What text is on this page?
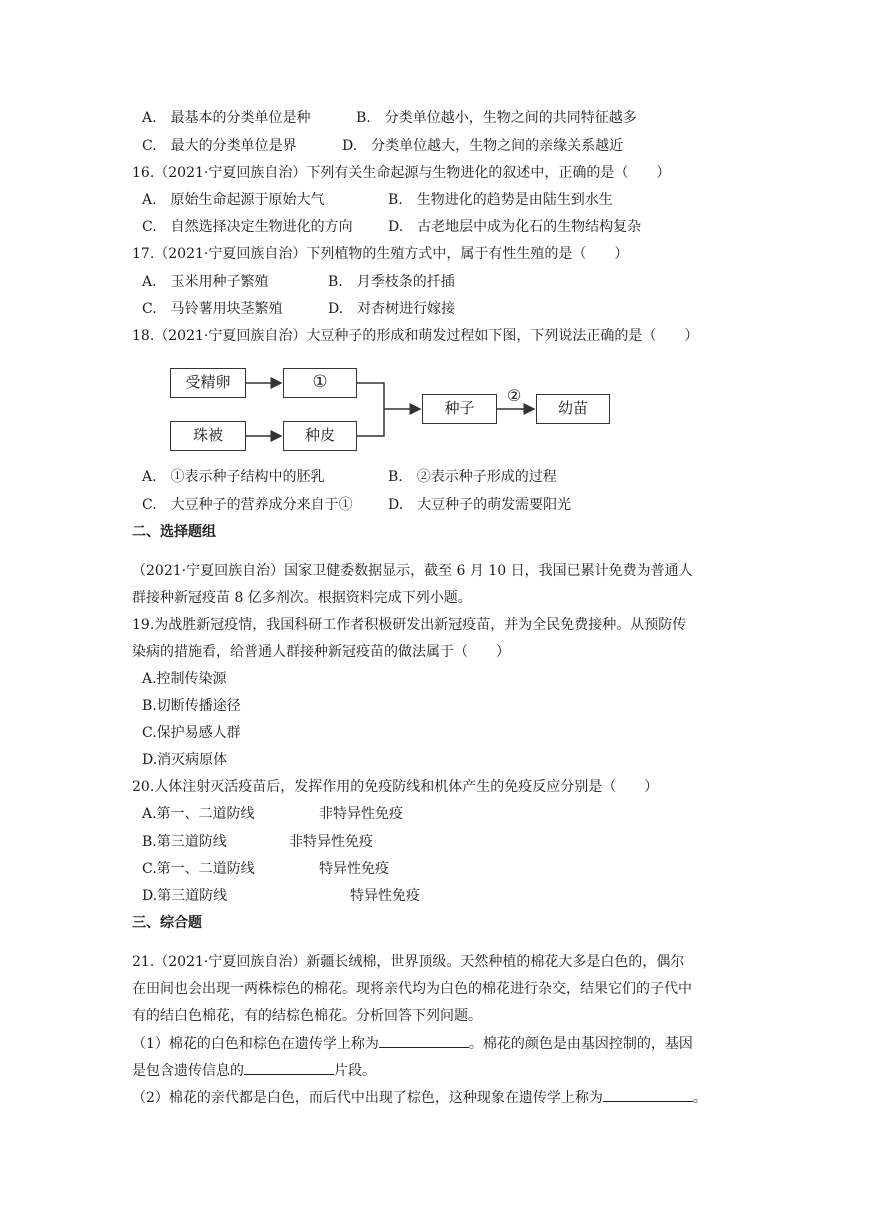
A.　最基本的分类单位是种	B.　分类单位越小，生物之间的共同特征越多
C.　最大的分类单位是界	D.　分类单位越大，生物之间的亲缘关系越近
16.（2021·宁夏回族自治）下列有关生命起源与生物进化的叙述中，正确的是（　　）
A.　原始生命起源于原始大气	B.　生物进化的趋势是由陆生到水生
C.　自然选择决定生物进化的方向	D.　古老地层中成为化石的生物结构复杂
17.（2021·宁夏回族自治）下列植物的生殖方式中，属于有性生殖的是（　　）
A.　玉米用种子繁殖	B.　月季枝条的扦插
C.　马铃薯用块茎繁殖	D.　对杏树进行嫁接
18.（2021·宁夏回族自治）大豆种子的形成和萌发过程如下图，下列说法正确的是（　　）
受精卵	①
珠被	种皮
种子
②
幼苗
A.　①表示种子结构中的胚乳	B.　②表示种子形成的过程
C.　大豆种子的营养成分来自于①	D.　大豆种子的萌发需要阳光
二、选择题组
（2021·宁夏回族自治）国家卫健委数据显示，截至 6 月 10 日，我国已累计免费为普通人
群接种新冠疫苗 8 亿多剂次。根据资料完成下列小题。
19.为战胜新冠疫情，我国科研工作者积极研发出新冠疫苗，并为全民免费接种。从预防传
染病的措施看，给普通人群接种新冠疫苗的做法属于（　　）
A.控制传染源
B.切断传播途径
C.保护易感人群
D.消灭病原体
20.人体注射灭活疫苗后，发挥作用的免疫防线和机体产生的免疫反应分别是（　　）
A.第一、二道防线	非特异性免疫
B.第三道防线	非特异性免疫
C.第一、二道防线	特异性免疫
D.第三道防线	特异性免疫
三、综合题
21.（2021·宁夏回族自治）新疆长绒棉，世界顶级。天然种植的棉花大多是白色的，偶尔
在田间也会出现一两株棕色的棉花。现将亲代均为白色的棉花进行杂交，结果它们的子代中
有的结白色棉花，有的结棕色棉花。分析回答下列问题。
（1）棉花的白色和棕色在遗传学上称为	。棉花的颜色是由基因控制的，基因
是包含遗传信息的	片段。
（2）棉花的亲代都是白色，而后代中出现了棕色，这种现象在遗传学上称为	。
